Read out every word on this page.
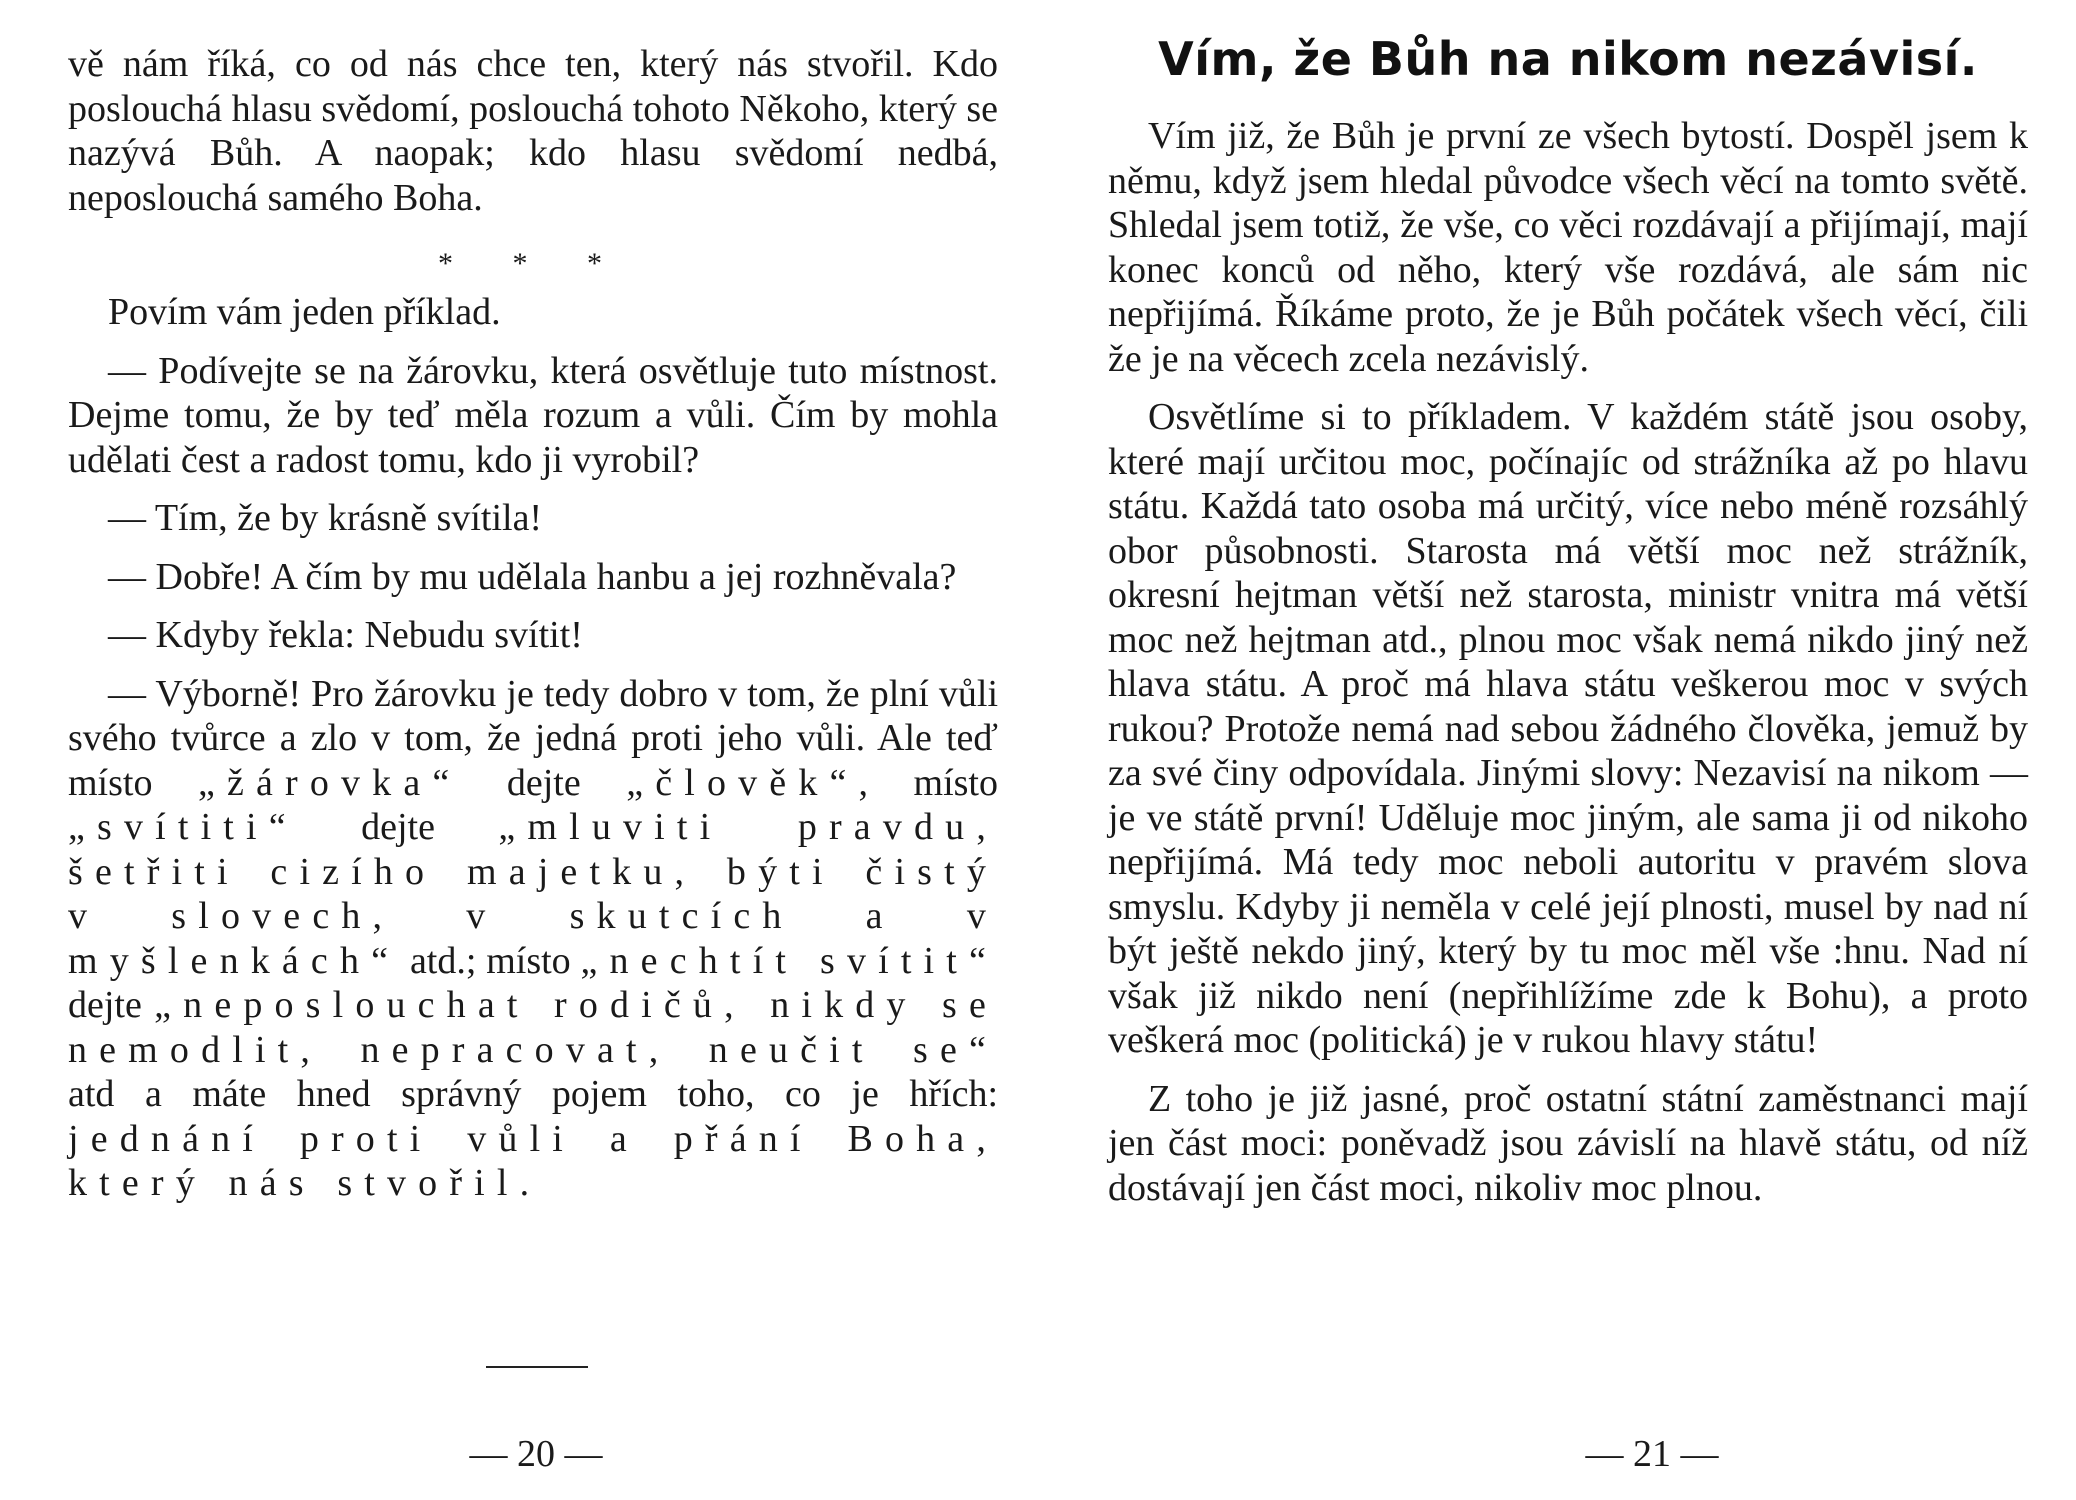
vě nám říká, co od nás chce ten, který nás stvořil. Kdo poslouchá hlasu svědomí, poslouchá tohoto Někoho, který se nazývá Bůh. A naopak; kdo hlasu svědomí nedbá, neposlouchá samého Boha.

* * *

Povím vám jeden příklad.

— Podívejte se na žárovku, která osvětluje tuto místnost. Dejme tomu, že by teď měla rozum a vůli. Čím by mohla udělati čest a radost tomu, kdo ji vyrobil?

— Tím, že by krásně svítila!

— Dobře! A čím by mu udělala hanbu a jej rozhněvala?

— Kdyby řekla: Nebudu svítit!

— Výborně! Pro žárovku je tedy dobro v tom, že plní vůli svého tvůrce a zlo v tom, že jedná proti jeho vůli. Ale teď místo „žárovka“ dejte „člověk“, místo „svítiti“ dejte „mluviti pravdu, šetřiti cizího majetku, býti čistý v slovech, v skutcích a v myšlenkách“ atd.; místo „nechtít svítit“ dejte „neposlouchat rodičů, nikdy se nemodlit, nepracovat, neučit se“ atd a máte hned správný pojem toho, co je hřích: jednání proti vůli a přání Boha, který nás stvořil.

— 20 —
Vím, že Bůh na nikom nezávisí.

Vím již, že Bůh je první ze všech bytostí. Dospěl jsem k němu, když jsem hledal původce všech věcí na tomto světě. Shledal jsem totiž, že vše, co věci rozdávají a přijímají, mají konec konců od něho, který vše rozdává, ale sám nic nepřijímá. Říkáme proto, že je Bůh počátek všech věcí, čili že je na věcech zcela nezávislý.

Osvětlíme si to příkladem. V každém státě jsou osoby, které mají určitou moc, počínajíc od strážníka až po hlavu státu. Každá tato osoba má určitý, více nebo méně rozsáhlý obor působnosti. Starosta má větší moc než strážník, okresní hejtman větší než starosta, ministr vnitra má větší moc než hejtman atd., plnou moc však nemá nikdo jiný než hlava státu. A proč má hlava státu veškerou moc v svých rukou? Protože nemá nad sebou žádného člověka, jemuž by za své činy odpovídala. Jinými slovy: Nezavisí na nikom — je ve státě první! Uděluje moc jiným, ale sama ji od nikoho nepřijímá. Má tedy moc neboli autoritu v pravém slova smyslu. Kdyby ji neměla v celé její plnosti, musel by nad ní být ještě nekdo jiný, který by tu moc měl vše :hnu. Nad ní však již nikdo není (nepřihlížíme zde k Bohu), a proto veškerá moc (politická) je v rukou hlavy státu!

Z toho je již jasné, proč ostatní státní zaměstnanci mají jen část moci: poněvadž jsou závislí na hlavě státu, od níž dostávají jen část moci, nikoliv moc plnou.

— 21 —
